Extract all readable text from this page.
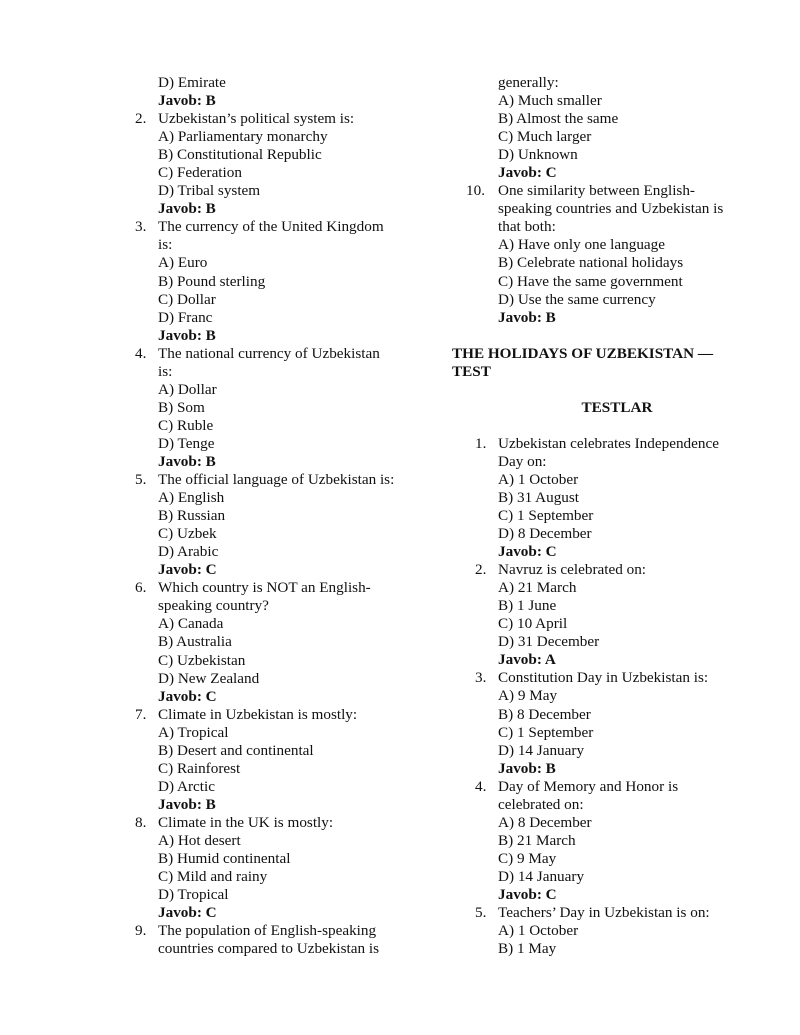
D) Emirate
Javob: B
2. Uzbekistan’s political system is:
A) Parliamentary monarchy
B) Constitutional Republic
C) Federation
D) Tribal system
Javob: B
3. The currency of the United Kingdom
is:
A) Euro
B) Pound sterling
C) Dollar
D) Franc
Javob: B
4. The national currency of Uzbekistan
is:
A) Dollar
B) Som
C) Ruble
D) Tenge
Javob: B
5. The official language of Uzbekistan is:
A) English
B) Russian
C) Uzbek
D) Arabic
Javob: C
6. Which country is NOT an English-
speaking country?
A) Canada
B) Australia
C) Uzbekistan
D) New Zealand
Javob: C
7. Climate in Uzbekistan is mostly:
A) Tropical
B) Desert and continental
C) Rainforest
D) Arctic
Javob: B
8. Climate in the UK is mostly:
A) Hot desert
B) Humid continental
C) Mild and rainy
D) Tropical
Javob: C
9. The population of English-speaking
countries compared to Uzbekistan is
generally:
A) Much smaller
B) Almost the same
C) Much larger
D) Unknown
Javob: C
10. One similarity between English-
speaking countries and Uzbekistan is
that both:
A) Have only one language
B) Celebrate national holidays
C) Have the same government
D) Use the same currency
Javob: B
THE HOLIDAYS OF UZBEKISTAN —
TEST
TESTLAR
1. Uzbekistan celebrates Independence
Day on:
A) 1 October
B) 31 August
C) 1 September
D) 8 December
Javob: C
2. Navruz is celebrated on:
A) 21 March
B) 1 June
C) 10 April
D) 31 December
Javob: A
3. Constitution Day in Uzbekistan is:
A) 9 May
B) 8 December
C) 1 September
D) 14 January
Javob: B
4. Day of Memory and Honor is
celebrated on:
A) 8 December
B) 21 March
C) 9 May
D) 14 January
Javob: C
5. Teachers’ Day in Uzbekistan is on:
A) 1 October
B) 1 May
